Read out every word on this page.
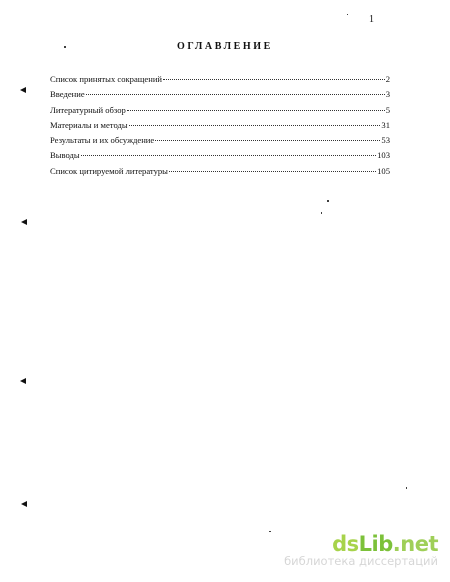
1
ОГЛАВЛЕНИЕ
Список принятых сокращений	2
Введение	3
Литературный обзор	5
Материалы и методы	31
Результаты и их обсуждение	53
Выводы	103
Список цитируемой литературы	105
dsLib.net
библиотека диссертаций
